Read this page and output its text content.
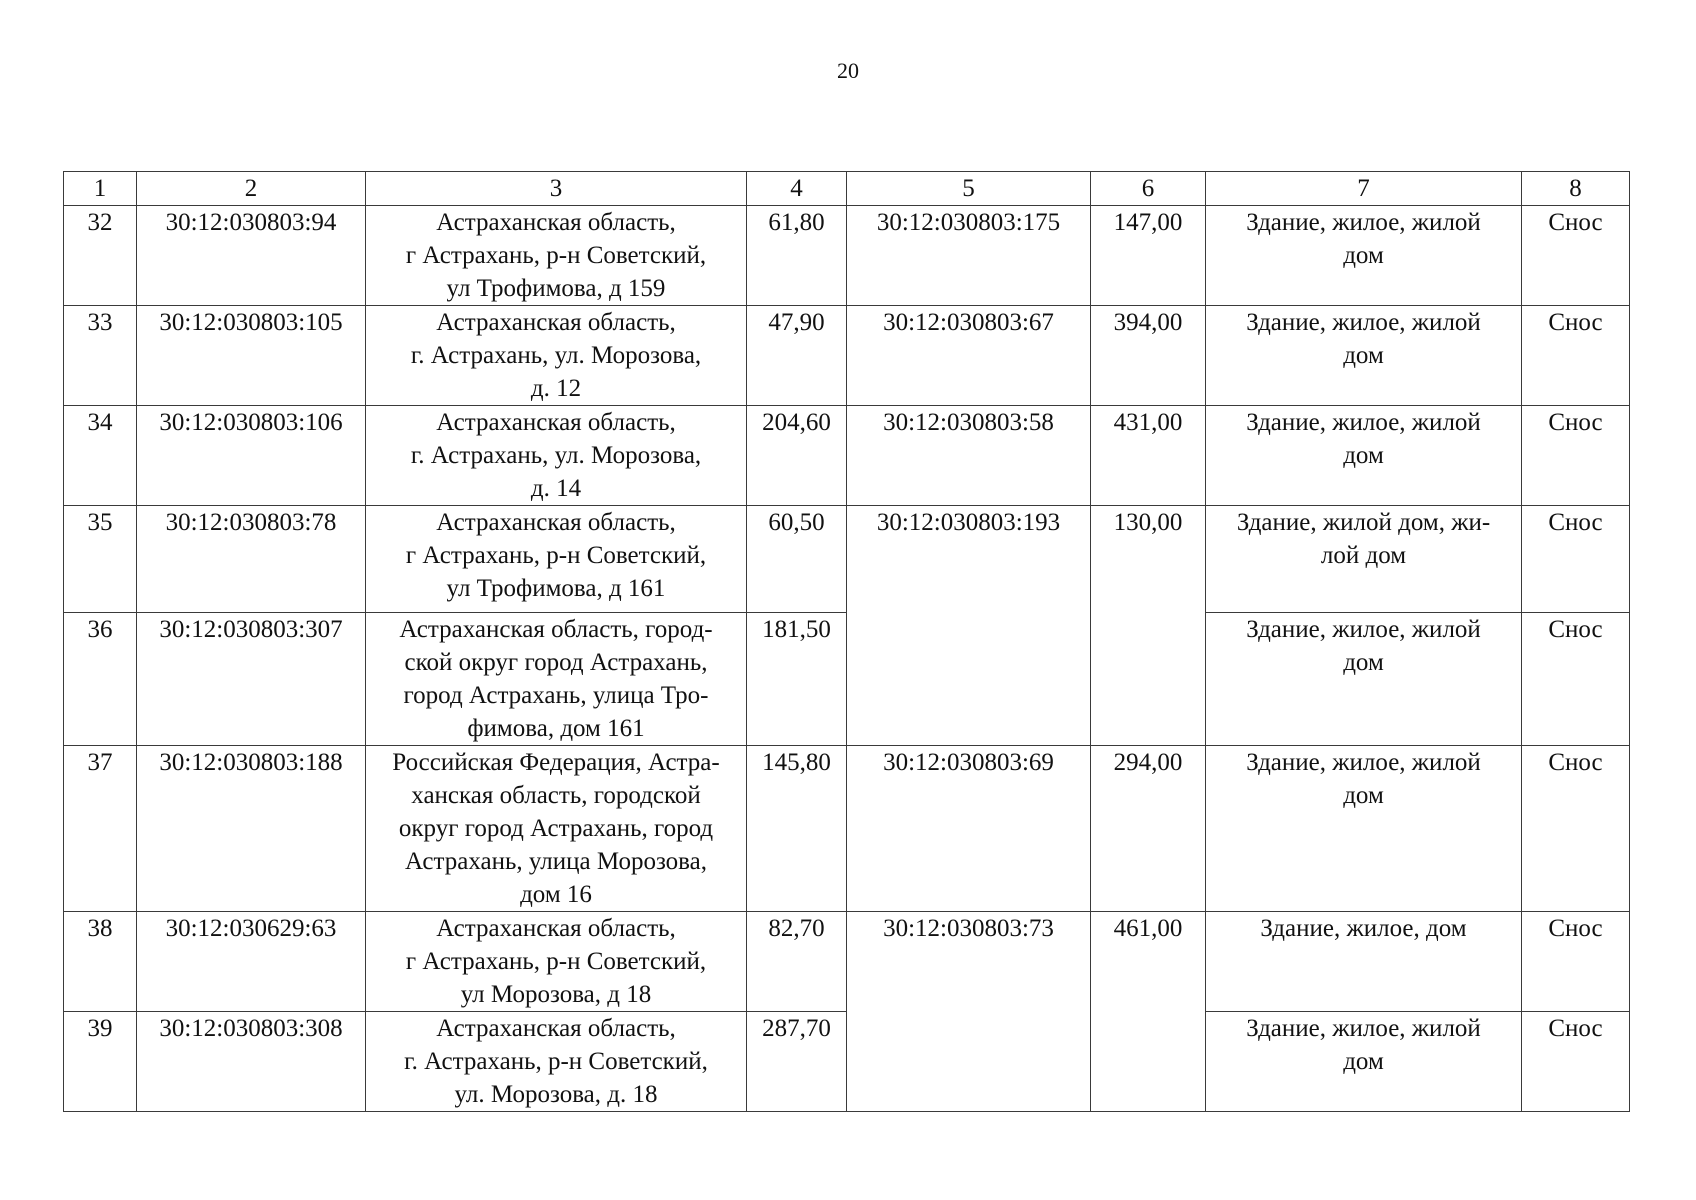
20
1	2	3	4	5	6	7	8
32	30:12:030803:94	Астраханская область,
г Астрахань, р-н Советский,
ул Трофимова, д 159	61,80	30:12:030803:175	147,00	Здание, жилое, жилой
дом	Снос
33	30:12:030803:105	Астраханская область,
г. Астрахань, ул. Морозова,
д. 12	47,90	30:12:030803:67	394,00	Здание, жилое, жилой
дом	Снос
34	30:12:030803:106	Астраханская область,
г. Астрахань, ул. Морозова,
д. 14	204,60	30:12:030803:58	431,00	Здание, жилое, жилой
дом	Снос
35	30:12:030803:78	Астраханская область,
г Астрахань, р-н Советский,
ул Трофимова, д 161	60,50	30:12:030803:193	130,00	Здание, жилой дом, жи-
лой дом	Снос
36	30:12:030803:307	Астраханская область, город-
ской округ город Астрахань,
город Астрахань, улица Тро-
фимова, дом 161	181,50			Здание, жилое, жилой
дом	Снос
37	30:12:030803:188	Российская Федерация, Астра-
ханская область, городской
округ город Астрахань, город
Астрахань, улица Морозова,
дом 16	145,80	30:12:030803:69	294,00	Здание, жилое, жилой
дом	Снос
38	30:12:030629:63	Астраханская область,
г Астрахань, р-н Советский,
ул Морозова, д 18	82,70	30:12:030803:73	461,00	Здание, жилое, дом	Снос
39	30:12:030803:308	Астраханская область,
г. Астрахань, р-н Советский,
ул. Морозова, д. 18	287,70			Здание, жилое, жилой
дом	Снос
